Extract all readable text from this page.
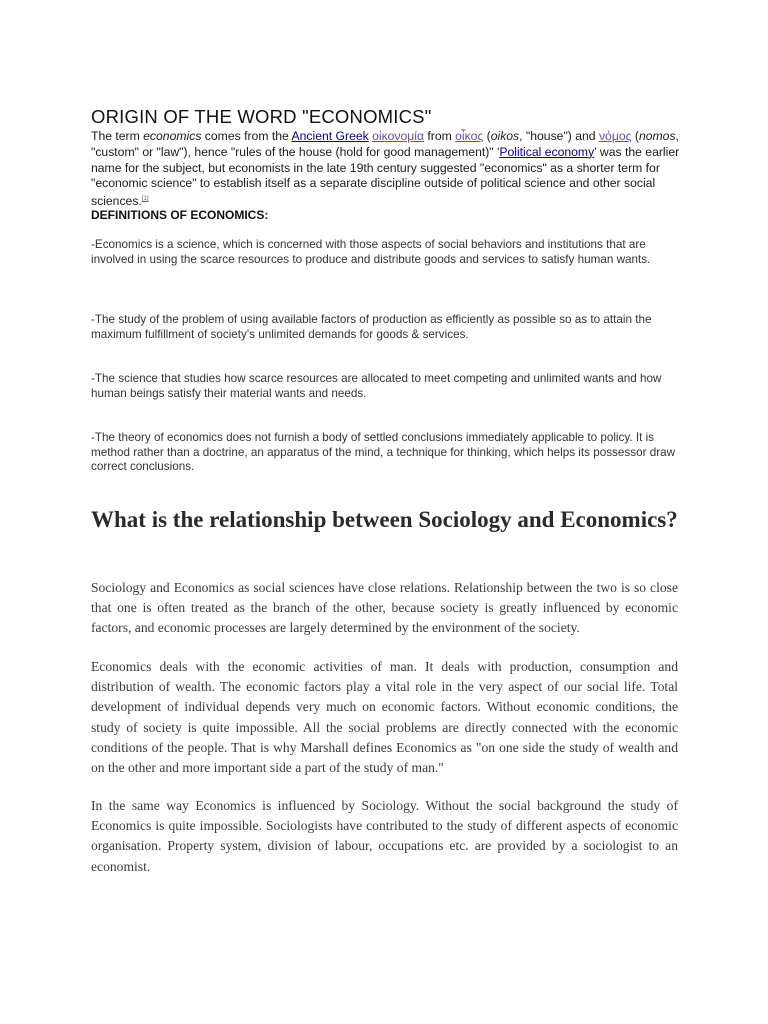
ORIGIN OF THE WORD "ECONOMICS"

The term economics comes from the Ancient Greek οἰκονομία from οἶκος (oikos, "house") and νόμος (nomos, "custom" or "law"), hence "rules of the house (hold for good management)" 'Political economy' was the earlier name for the subject, but economists in the late 19th century suggested "economics" as a shorter term for "economic science" to establish itself as a separate discipline outside of political science and other social sciences.[1]

DEFINITIONS OF ECONOMICS:

-Economics is a science, which is concerned with those aspects of social behaviors and institutions that are involved in using the scarce resources to produce and distribute goods and services to satisfy human wants.

-The study of the problem of using available factors of production as efficiently as possible so as to attain the maximum fulfillment of society's unlimited demands for goods & services.

-The science that studies how scarce resources are allocated to meet competing and unlimited wants and how human beings satisfy their material wants and needs.

-The theory of economics does not furnish a body of settled conclusions immediately applicable to policy. It is method rather than a doctrine, an apparatus of the mind, a technique for thinking, which helps its possessor draw correct conclusions.

What is the relationship between Sociology and Economics?

Sociology and Economics as social sciences have close relations. Relationship between the two is so close that one is often treated as the branch of the other, because society is greatly influenced by economic factors, and economic processes are largely determined by the environment of the society.

Economics deals with the economic activities of man. It deals with production, consumption and distribution of wealth. The economic factors play a vital role in the very aspect of our social life. Total development of individual depends very much on economic factors. Without economic conditions, the study of society is quite impossible. All the social problems are directly connected with the economic conditions of the people. That is why Marshall defines Economics as "on one side the study of wealth and on the other and more important side a part of the study of man."

In the same way Economics is influenced by Sociology. Without the social background the study of Economics is quite impossible. Sociologists have contributed to the study of different aspects of economic organisation. Property system, division of labour, occupations etc. are provided by a sociologist to an economist.
